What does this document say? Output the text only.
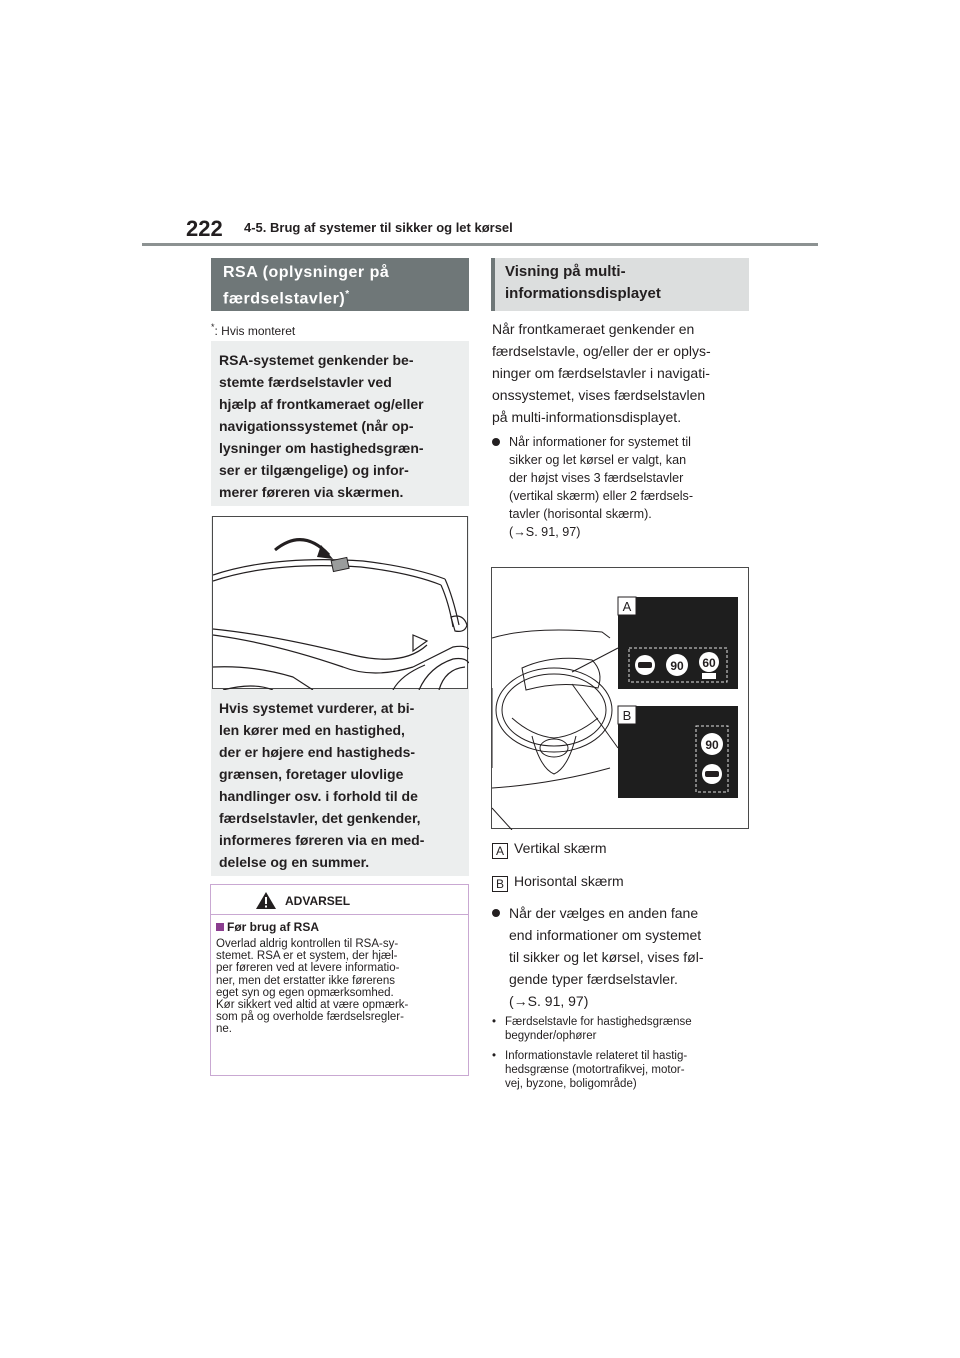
222 4-5. Brug af systemer til sikker og let kørsel
RSA (oplysninger på
færdselstavler)*
*: Hvis monteret
RSA-systemet genkender be-
stemte færdselstavler ved
hjælp af frontkameraet og/eller
navigationssystemet (når op-
lysninger om hastighedsgræn-
ser er tilgængelige) og infor-
merer føreren via skærmen.
Hvis systemet vurderer, at bi-
len kører med en hastighed,
der er højere end hastigheds-
grænsen, foretager ulovlige
handlinger osv. i forhold til de
færdselstavler, det genkender,
informeres føreren via en med-
delelse og en summer.
ADVARSEL
Før brug af RSA
Overlad aldrig kontrollen til RSA-sy-
stemet. RSA er et system, der hjæl-
per føreren ved at levere informatio-
ner, men det erstatter ikke førerens
eget syn og egen opmærksomhed.
Kør sikkert ved altid at være opmærk-
som på og overholde færdselsregler-
ne.
Visning på multi-
informationsdisplayet
Når frontkameraet genkender en
færdselstavle, og/eller der er oplys-
ninger om færdselstavler i navigati-
onssystemet, vises færdselstavlen
på multi-informationsdisplayet.
Når informationer for systemet til
sikker og let kørsel er valgt, kan
der højst vises 3 færdselstavler
(vertikal skærm) eller 2 færdsels-
tavler (horisontal skærm).
(→S. 91, 97)
A
90 60
B
90
A Vertikal skærm
B Horisontal skærm
Når der vælges en anden fane
end informationer om systemet
til sikker og let kørsel, vises føl-
gende typer færdselstavler.
(→S. 91, 97)
• Færdselstavle for hastighedsgrænse
begynder/ophører
• Informationstavle relateret til hastig-
hedsgrænse (motortrafikvej, motor-
vej, byzone, boligområde)
